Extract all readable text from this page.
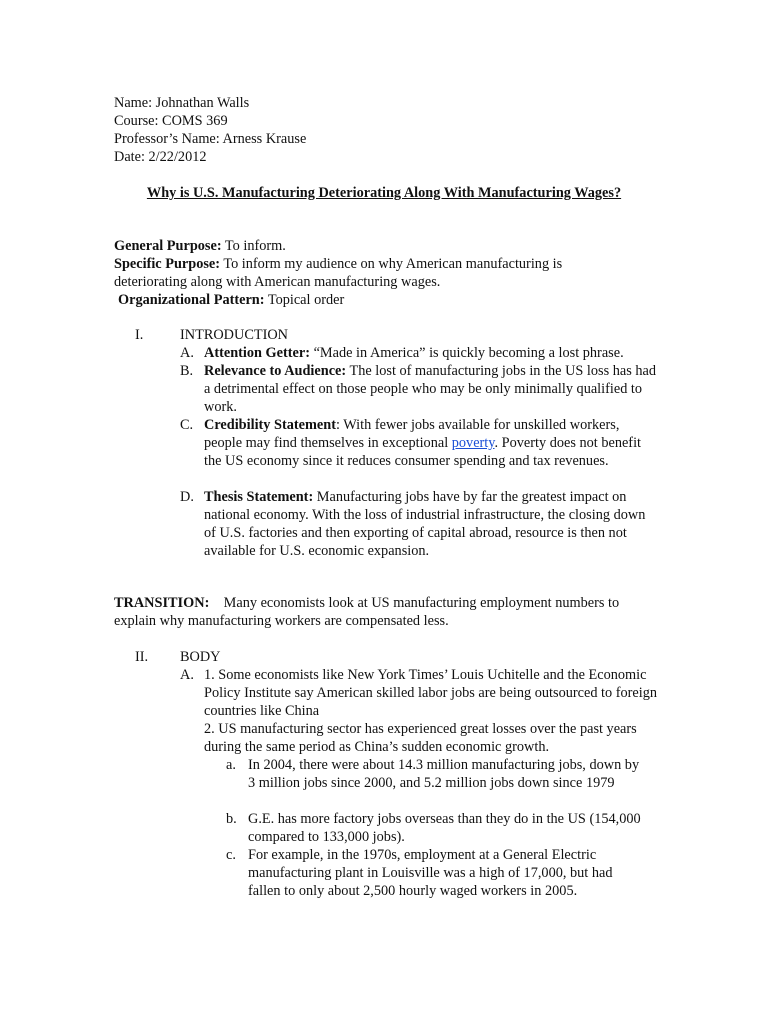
Name: Johnathan Walls
Course: COMS 369
Professor’s Name: Arness Krause
Date: 2/22/2012
Why is U.S. Manufacturing Deteriorating Along With Manufacturing Wages?
General Purpose: To inform.
Specific Purpose: To inform my audience on why American manufacturing is deteriorating along with American manufacturing wages.
Organizational Pattern: Topical order
I.	INTRODUCTION
A. Attention Getter: “Made in America” is quickly becoming a lost phrase.
B. Relevance to Audience: The lost of manufacturing jobs in the US loss has had a detrimental effect on those people who may be only minimally qualified to work.
C. Credibility Statement: With fewer jobs available for unskilled workers, people may find themselves in exceptional poverty. Poverty does not benefit the US economy since it reduces consumer spending and tax revenues.
D. Thesis Statement: Manufacturing jobs have by far the greatest impact on national economy. With the loss of industrial infrastructure, the closing down of U.S. factories and then exporting of capital abroad, resource is then not available for U.S. economic expansion.
TRANSITION:    Many economists look at US manufacturing employment numbers to explain why manufacturing workers are compensated less.
II. BODY
A. 1. Some economists like New York Times’ Louis Uchitelle and the Economic Policy Institute say American skilled labor jobs are being outsourced to foreign countries like China
2. US manufacturing sector has experienced great losses over the past years during the same period as China’s sudden economic growth.
a. In 2004, there were about 14.3 million manufacturing jobs, down by 3 million jobs since 2000, and 5.2 million jobs down since 1979
b. G.E. has more factory jobs overseas than they do in the US (154,000 compared to 133,000 jobs).
c. For example, in the 1970s, employment at a General Electric manufacturing plant in Louisville was a high of 17,000, but had fallen to only about 2,500 hourly waged workers in 2005.
